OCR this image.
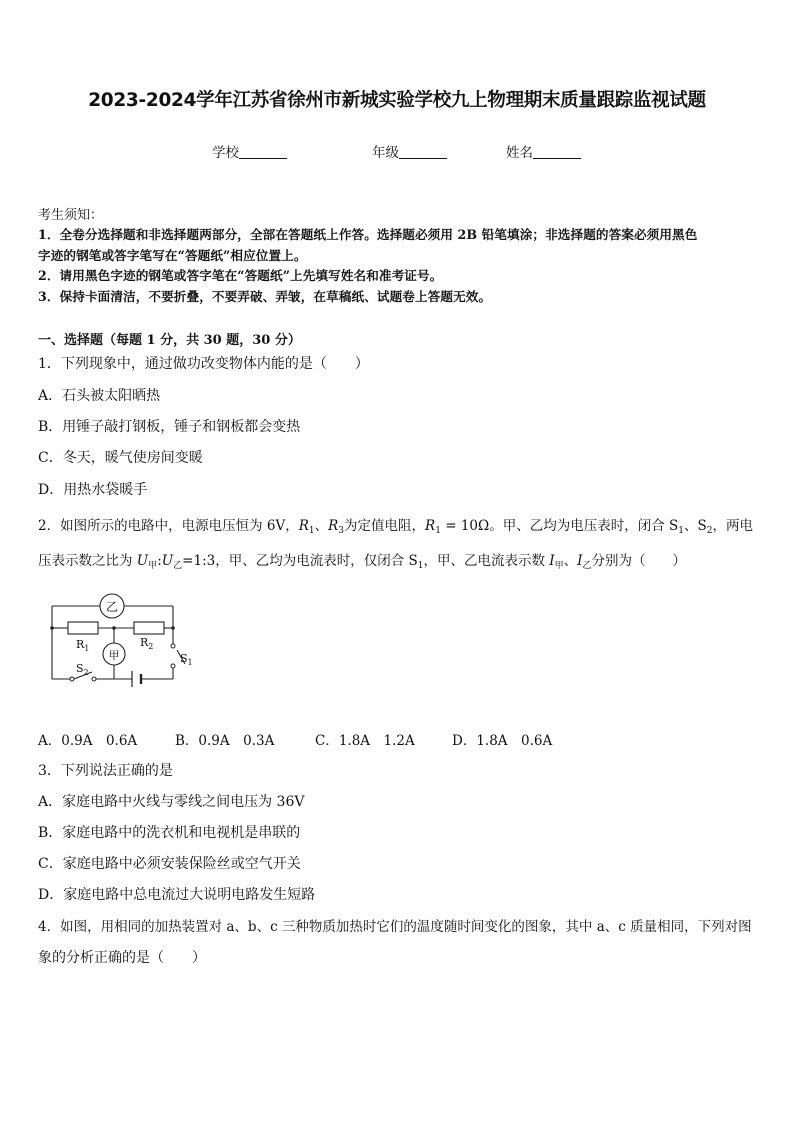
2023-2024学年江苏省徐州市新城实验学校九上物理期末质量跟踪监视试题
学校	年级	姓名
考生须知：
1．全卷分选择题和非选择题两部分，全部在答题纸上作答。选择题必须用 2B 铅笔填涂；非选择题的答案必须用黑色
字迹的钢笔或答字笔写在“答题纸”相应位置上。
2．请用黑色字迹的钢笔或答字笔在“答题纸”上先填写姓名和准考证号。
3．保持卡面清洁，不要折叠，不要弄破、弄皱，在草稿纸、试题卷上答题无效。
一、选择题（每题 1 分，共 30 题，30 分）
1．下列现象中，通过做功改变物体内能的是（　　）
A．石头被太阳晒热
B．用锤子敲打钢板，锤子和钢板都会变热
C．冬天，暖气使房间变暖
D．用热水袋暖手
2．如图所示的电路中，电源电压恒为 6V，$R_1$、$R_3$为定值电阻，$R_1 = 10\Omega$。甲、乙均为电压表时，闭合 $S_1$、$S_2$，两电
压表示数之比为 $U_甲:U_乙=1:3$，甲、乙均为电流表时，仅闭合 $S_1$，甲、乙电流表示数 $I_甲$、$I_乙$分别为（　　）
乙
甲
$R_1$	$R_2$
$S_1$
$S_2$
A．0.9A　0.6A	B．0.9A　0.3A	C．1.8A　1.2A	D．1.8A　0.6A
3．下列说法正确的是
A．家庭电路中火线与零线之间电压为 36V
B．家庭电路中的洗衣机和电视机是串联的
C．家庭电路中必须安装保险丝或空气开关
D．家庭电路中总电流过大说明电路发生短路
4．如图，用相同的加热装置对 a、b、c 三种物质加热时它们的温度随时间变化的图象，其中 a、c 质量相同，下列对图
象的分析正确的是（　　）
